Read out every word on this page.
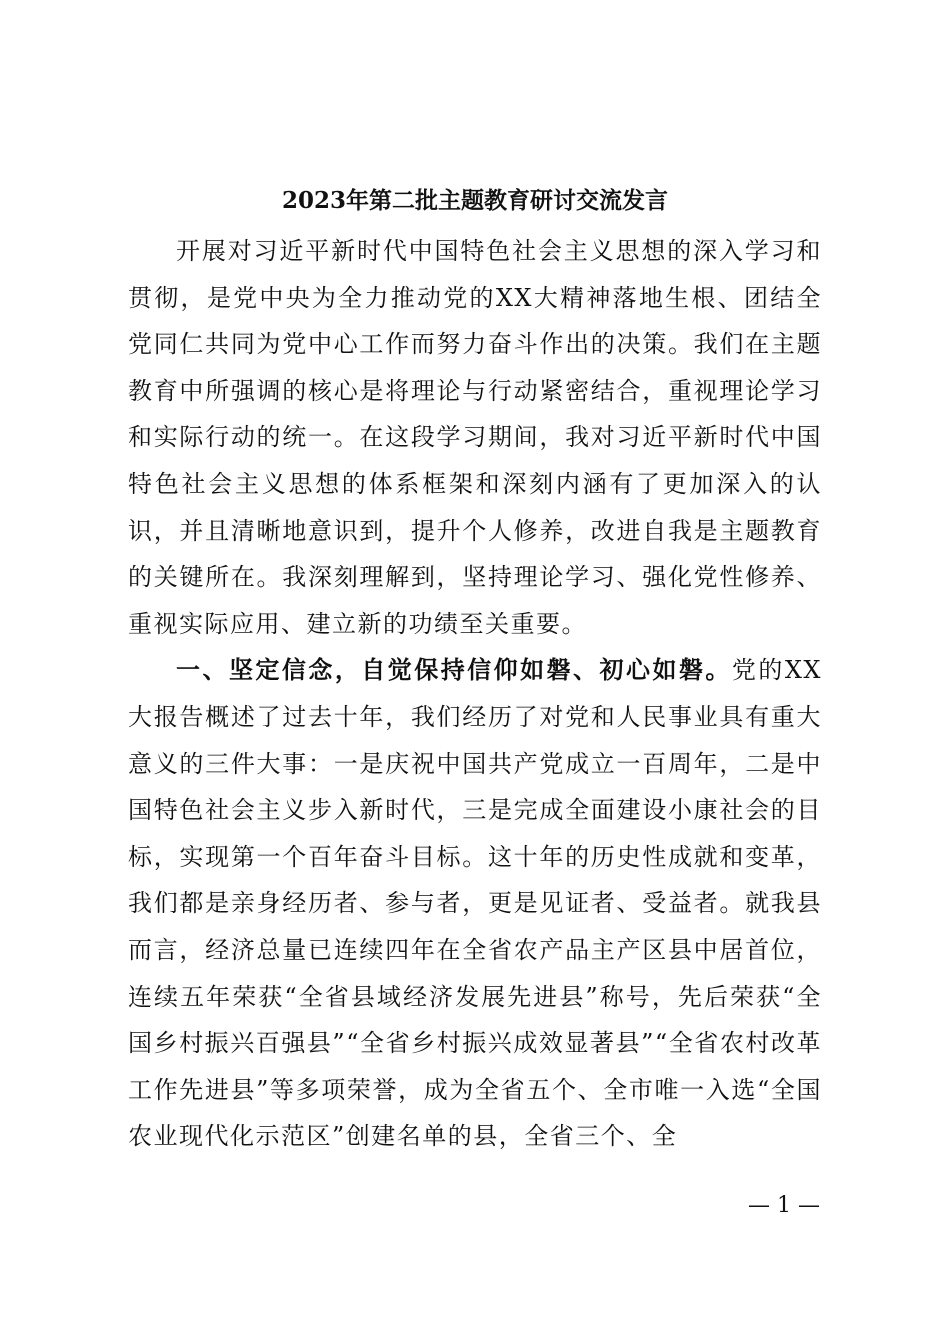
2023年第二批主题教育研讨交流发言

开展对习近平新时代中国特色社会主义思想的深入学习和贯彻，是党中央为全力推动党的XX大精神落地生根、团结全党同仁共同为党中心工作而努力奋斗作出的决策。我们在主题教育中所强调的核心是将理论与行动紧密结合，重视理论学习和实际行动的统一。在这段学习期间，我对习近平新时代中国特色社会主义思想的体系框架和深刻内涵有了更加深入的认识，并且清晰地意识到，提升个人修养，改进自我是主题教育的关键所在。我深刻理解到，坚持理论学习、强化党性修养、重视实际应用、建立新的功绩至关重要。

一、坚定信念，自觉保持信仰如磐、初心如磐。党的XX大报告概述了过去十年，我们经历了对党和人民事业具有重大意义的三件大事：一是庆祝中国共产党成立一百周年，二是中国特色社会主义步入新时代，三是完成全面建设小康社会的目标，实现第一个百年奋斗目标。这十年的历史性成就和变革，我们都是亲身经历者、参与者，更是见证者、受益者。就我县而言，经济总量已连续四年在全省农产品主产区县中居首位，连续五年荣获“全省县域经济发展先进县”称号，先后荣获“全国乡村振兴百强县”“全省乡村振兴成效显著县”“全省农村改革工作先进县”等多项荣誉，成为全省五个、全市唯一入选“全国农业现代化示范区”创建名单的县，全省三个、全

— 1 —
